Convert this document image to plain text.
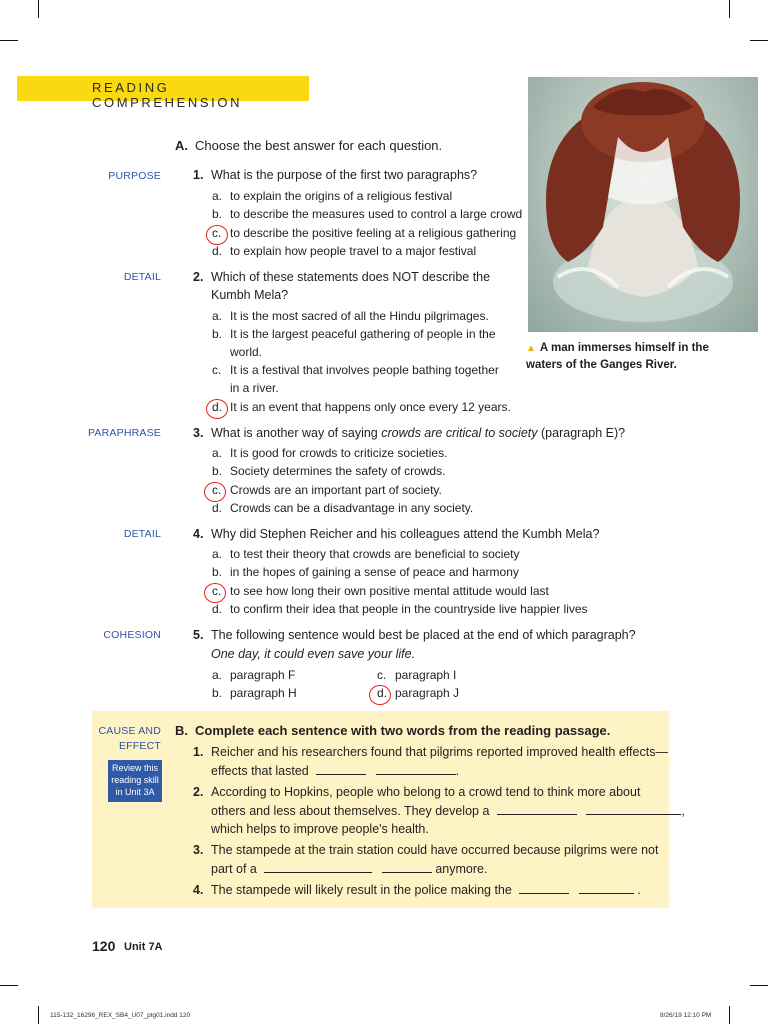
READING COMPREHENSION
▲ A man immerses himself in the waters of the Ganges River.
A. Choose the best answer for each question.
PURPOSE	1. What is the purpose of the first two paragraphs?
a. to explain the origins of a religious festival
b. to describe the measures used to control a large crowd
c. to describe the positive feeling at a religious gathering
d. to explain how people travel to a major festival
DETAIL	2. Which of these statements does NOT describe the
Kumbh Mela?
a. It is the most sacred of all the Hindu pilgrimages.
b. It is the largest peaceful gathering of people in the
world.
c. It is a festival that involves people bathing together
in a river.
d. It is an event that happens only once every 12 years.
PARAPHRASE	3. What is another way of saying crowds are critical to society (paragraph E)?
a. It is good for crowds to criticize societies.
b. Society determines the safety of crowds.
c. Crowds are an important part of society.
d. Crowds can be a disadvantage in any society.
DETAIL	4. Why did Stephen Reicher and his colleagues attend the Kumbh Mela?
a. to test their theory that crowds are beneficial to society
b. in the hopes of gaining a sense of peace and harmony
c. to see how long their own positive mental attitude would last
d. to confirm their idea that people in the countryside live happier lives
COHESION	5. The following sentence would best be placed at the end of which paragraph?
One day, it could even save your life.
a. paragraph F
b. paragraph H
c. paragraph I
d. paragraph J
CAUSE AND
EFFECT
Review this
reading skill
in Unit 3A
B. Complete each sentence with two words from the reading passage.
1. Reicher and his researchers found that pilgrims reported improved health effects—
effects that lasted	.
2. According to Hopkins, people who belong to a crowd tend to think more about
others and less about themselves. They develop a	,
which helps to improve people's health.
3. The stampede at the train station could have occurred because pilgrims were not
part of a	anymore.
4. The stampede will likely result in the police making the	.
120 Unit 7A
115-132_16296_REX_SB4_U07_ptg01.indd 120	8/26/19 12:10 PM
